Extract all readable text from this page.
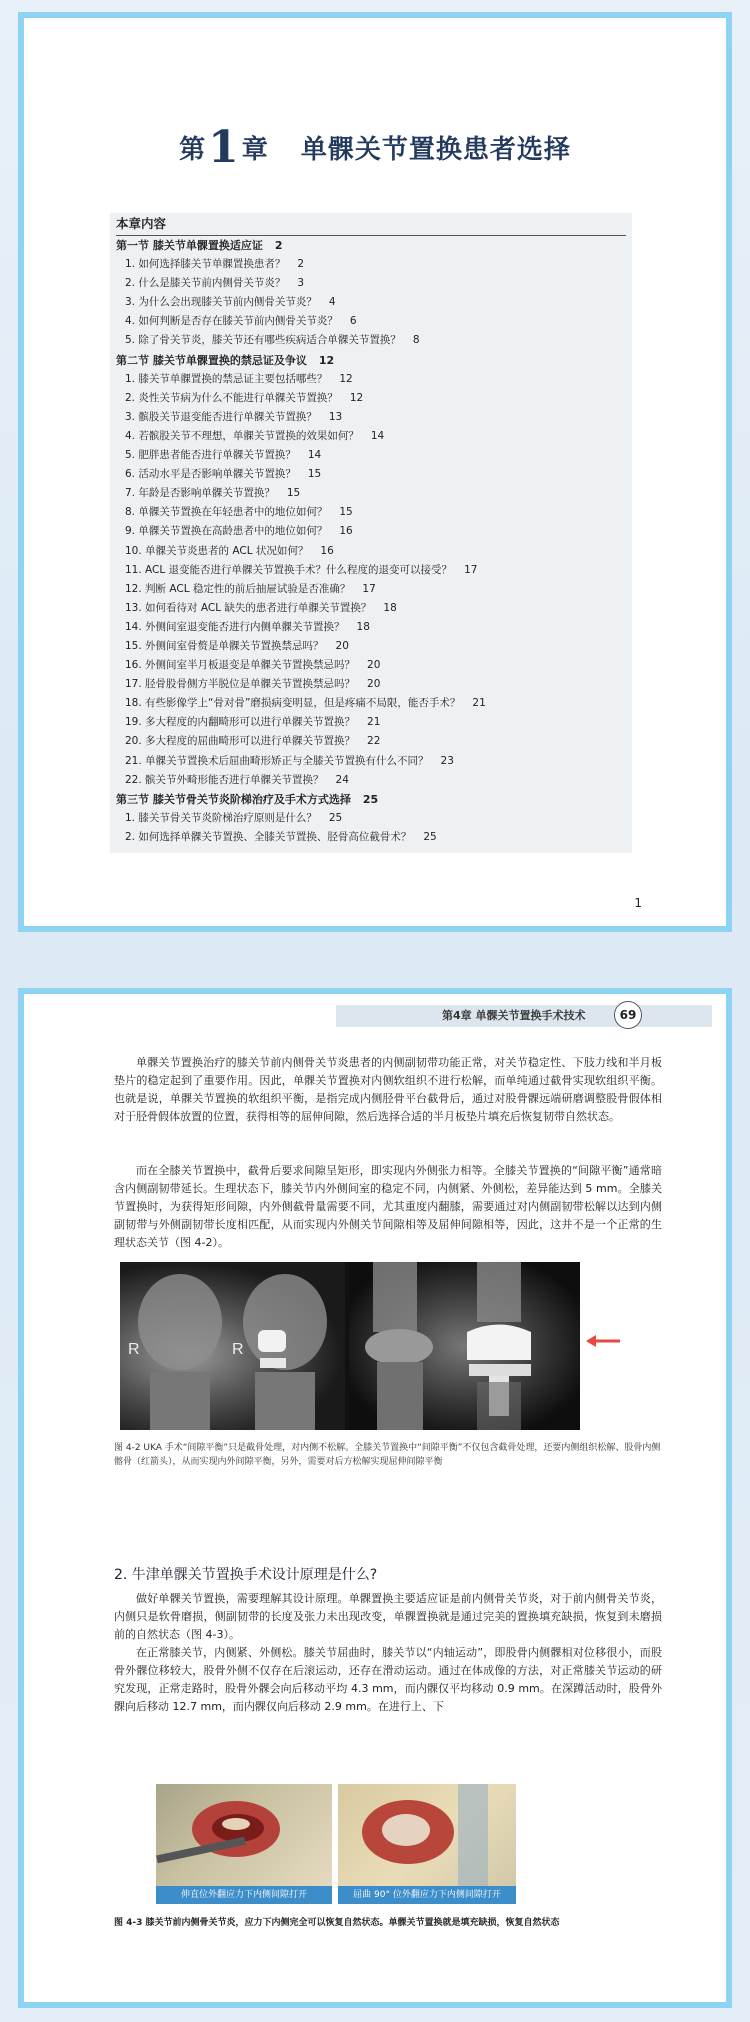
第1章 单髁关节置换患者选择
本章内容
第一节 膝关节单髁置换适应证 2
1. 如何选择膝关节单髁置换患者？ 2
2. 什么是膝关节前内侧骨关节炎？ 3
3. 为什么会出现膝关节前内侧骨关节炎？ 4
4. 如何判断是否存在膝关节前内侧骨关节炎？ 6
5. 除了骨关节炎，膝关节还有哪些疾病适合单髁关节置换？ 8
第二节 膝关节单髁置换的禁忌证及争议 12
1. 膝关节单髁置换的禁忌证主要包括哪些？ 12
2. 炎性关节病为什么不能进行单髁关节置换？ 12
3. 髌股关节退变能否进行单髁关节置换？ 13
4. 若髌股关节不理想，单髁关节置换的效果如何？ 14
5. 肥胖患者能否进行单髁关节置换？ 14
6. 活动水平是否影响单髁关节置换？ 15
7. 年龄是否影响单髁关节置换？ 15
8. 单髁关节置换在年轻患者中的地位如何？ 15
9. 单髁关节置换在高龄患者中的地位如何？ 16
10. 单髁关节炎患者的 ACL 状况如何？ 16
11. ACL 退变能否进行单髁关节置换手术？什么程度的退变可以接受？ 17
12. 判断 ACL 稳定性的前后抽屉试验是否准确？ 17
13. 如何看待对 ACL 缺失的患者进行单髁关节置换？ 18
14. 外侧间室退变能否进行内侧单髁关节置换？ 18
15. 外侧间室骨赘是单髁关节置换禁忌吗？ 20
16. 外侧间室半月板退变是单髁关节置换禁忌吗？ 20
17. 胫骨股骨侧方半脱位是单髁关节置换禁忌吗？ 20
18. 有些影像学上“骨对骨”磨损病变明显，但是疼痛不局限，能否手术？ 21
19. 多大程度的内翻畸形可以进行单髁关节置换？ 21
20. 多大程度的屈曲畸形可以进行单髁关节置换？ 22
21. 单髁关节置换术后屈曲畸形矫正与全膝关节置换有什么不同？ 23
22. 髌关节外畸形能否进行单髁关节置换？ 24
第三节 膝关节骨关节炎阶梯治疗及手术方式选择 25
1. 膝关节骨关节炎阶梯治疗原则是什么？ 25
2. 如何选择单髁关节置换、全膝关节置换、胫骨高位截骨术？ 25
1
第4章 单髁关节置换手术技术	69
单髁关节置换治疗的膝关节前内侧骨关节炎患者的内侧副韧带功能正常，对关节稳定性、下肢力线和半月板垫片的稳定起到了重要作用。因此，单髁关节置换对内侧软组织不进行松解，而单纯通过截骨实现软组织平衡。也就是说，单髁关节置换的软组织平衡，是指完成内侧胫骨平台截骨后，通过对股骨髁远端研磨调整股骨假体相对于胫骨假体放置的位置，获得相等的屈伸间隙，然后选择合适的半月板垫片填充后恢复韧带自然状态。
而在全膝关节置换中，截骨后要求间隙呈矩形，即实现内外侧张力相等。全膝关节置换的“间隙平衡”通常暗含内侧副韧带延长。生理状态下，膝关节内外侧间室的稳定不同，内侧紧、外侧松，差异能达到 5 mm。全膝关节置换时，为获得矩形间隙，内外侧截骨量需要不同，尤其重度内翻膝，需要通过对内侧副韧带松解以达到内侧副韧带与外侧副韧带长度相匹配，从而实现内外侧关节间隙相等及屈伸间隙相等，因此，这并不是一个正常的生理状态关节（图 4-2）。
R	R
图 4-2 UKA 手术“间隙平衡”只是截骨处理，对内侧不松解。全膝关节置换中“间隙平衡”不仅包含截骨处理，还要内侧组织松解、股骨内侧髂骨（红箭头），从而实现内外间隙平衡，另外，需要对后方松解实现屈伸间隙平衡
2. 牛津单髁关节置换手术设计原理是什么?
做好单髁关节置换，需要理解其设计原理。单髁置换主要适应证是前内侧骨关节炎，对于前内侧骨关节炎，内侧只是软骨磨损，侧副韧带的长度及张力未出现改变，单髁置换就是通过完美的置换填充缺损，恢复到未磨损前的自然状态（图 4-3）。
在正常膝关节，内侧紧、外侧松。膝关节屈曲时，膝关节以“内轴运动”，即股骨内侧髁相对位移很小，而股骨外髁位移较大，股骨外侧不仅存在后滚运动，还存在滑动运动。通过在体成像的方法，对正常膝关节运动的研究发现，正常走路时，股骨外髁会向后移动平均 4.3 mm，而内髁仅平均移动 0.9 mm。在深蹲活动时，股骨外髁向后移动 12.7 mm，而内髁仅向后移动 2.9 mm。在进行上、下
伸直位外翻应力下内侧间隙打开	屈曲 90° 位外翻应力下内侧间隙打开
图 4-3 膝关节前内侧骨关节炎，应力下内侧完全可以恢复自然状态。单髁关节置换就是填充缺损，恢复自然状态
